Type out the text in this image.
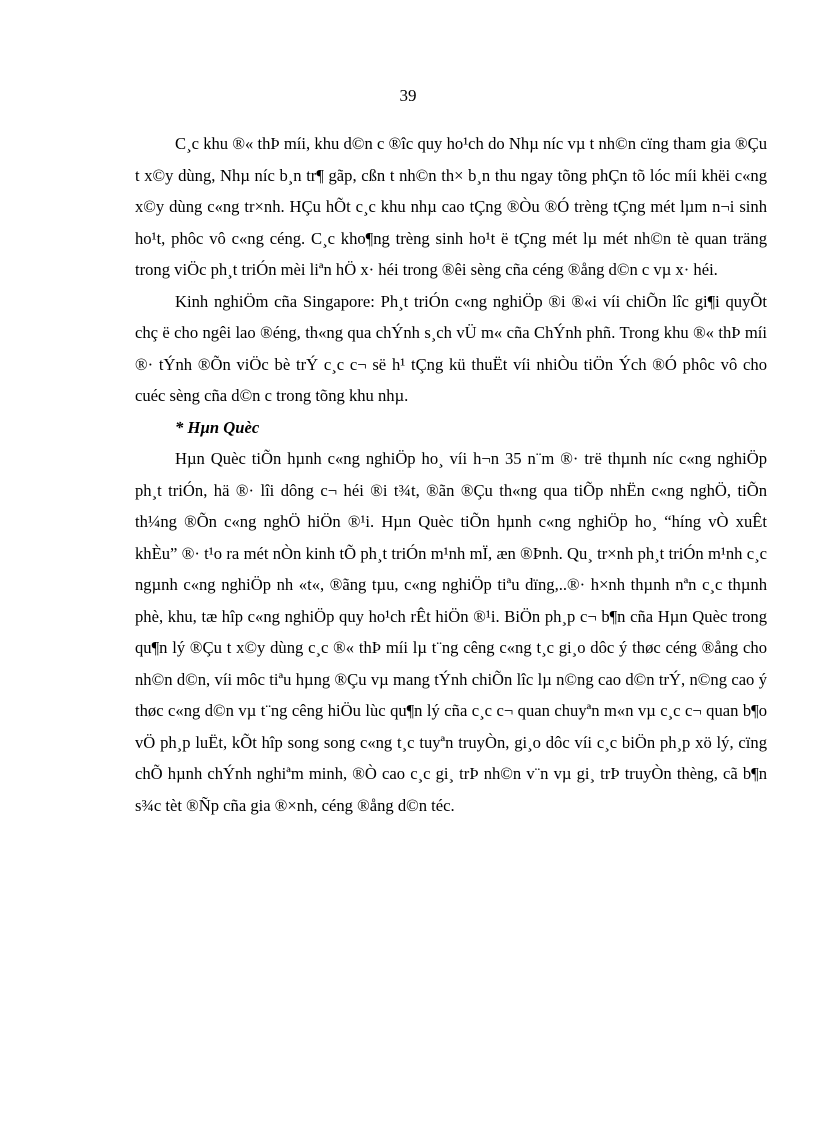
39

C¸c khu ®« thÞ míi, khu d©n c ®îc quy ho¹ch do Nhµ níc vµ t nh©n cïng tham gia ®Çu t x©y dùng, Nhµ níc b¸n tr¶ gãp, cßn t nh©n th× b¸n thu ngay tõng phÇn tõ lóc míi khëi c«ng x©y dùng c«ng tr×nh. HÇu hÕt c¸c khu nhµ cao tÇng ®Òu ®Ó trèng tÇng mét lµm n¬i sinh ho¹t, phôc vô c«ng céng. C¸c kho¶ng trèng sinh ho¹t ë tÇng mét lµ mét nh©n tè quan träng trong viÖc ph¸t triÓn mèi liªn hÖ x· héi trong ®êi sèng cña céng ®ång d©n c vµ x· héi.

Kinh nghiÖm cña Singapore: Ph¸t triÓn c«ng nghiÖp ®i ®«i víi chiÕn lîc gi¶i quyÕt chç ë cho ngêi lao ®éng, th«ng qua chÝnh s¸ch vÜ m« cña ChÝnh phñ. Trong khu ®« thÞ míi ®· tÝnh ®Õn viÖc bè trÝ c¸c c¬ së h¹ tÇng kü thuËt víi nhiÒu tiÖn Ých ®Ó phôc vô cho cuéc sèng cña d©n c trong tõng khu nhµ.

* Hµn Quèc

Hµn Quèc tiÕn hµnh c«ng nghiÖp ho¸ víi h¬n 35 n¨m ®· trë thµnh níc c«ng nghiÖp ph¸t triÓn, hä ®· lîi dông c¬ héi ®i t¾t, ®ãn ®Çu th«ng qua tiÕp nhËn c«ng nghÖ, tiÕn th¼ng ®Õn c«ng nghÖ hiÖn ®¹i. Hµn Quèc tiÕn hµnh c«ng nghiÖp ho¸ “híng vÒ xuÊt khÈu” ®· t¹o ra mét nÒn kinh tÕ ph¸t triÓn m¹nh mÏ, æn ®Þnh. Qu¸ tr×nh ph¸t triÓn m¹nh c¸c ngµnh c«ng nghiÖp nh «t«, ®ãng tµu, c«ng nghiÖp tiªu dïng,..®· h×nh thµnh nªn c¸c thµnh phè, khu, tæ hîp c«ng nghiÖp quy ho¹ch rÊt hiÖn ®¹i. BiÖn ph¸p c¬ b¶n cña Hµn Quèc trong qu¶n lý ®Çu t x©y dùng c¸c ®« thÞ míi lµ t¨ng cêng c«ng t¸c gi¸o dôc ý thøc céng ®ång cho nh©n d©n, víi môc tiªu hµng ®Çu vµ mang tÝnh chiÕn lîc lµ n©ng cao d©n trÝ, n©ng cao ý thøc c«ng d©n vµ t¨ng cêng hiÖu lùc qu¶n lý cña c¸c c¬ quan chuyªn m«n vµ c¸c c¬ quan b¶o vÖ ph¸p luËt, kÕt hîp song song c«ng t¸c tuyªn truyÒn, gi¸o dôc víi c¸c biÖn ph¸p xö lý, cïng chÕ hµnh chÝnh nghiªm minh, ®Ò cao c¸c gi¸ trÞ nh©n v¨n vµ gi¸ trÞ truyÒn thèng, cã b¶n s¾c tèt ®Ñp cña gia ®×nh, céng ®ång d©n téc.
